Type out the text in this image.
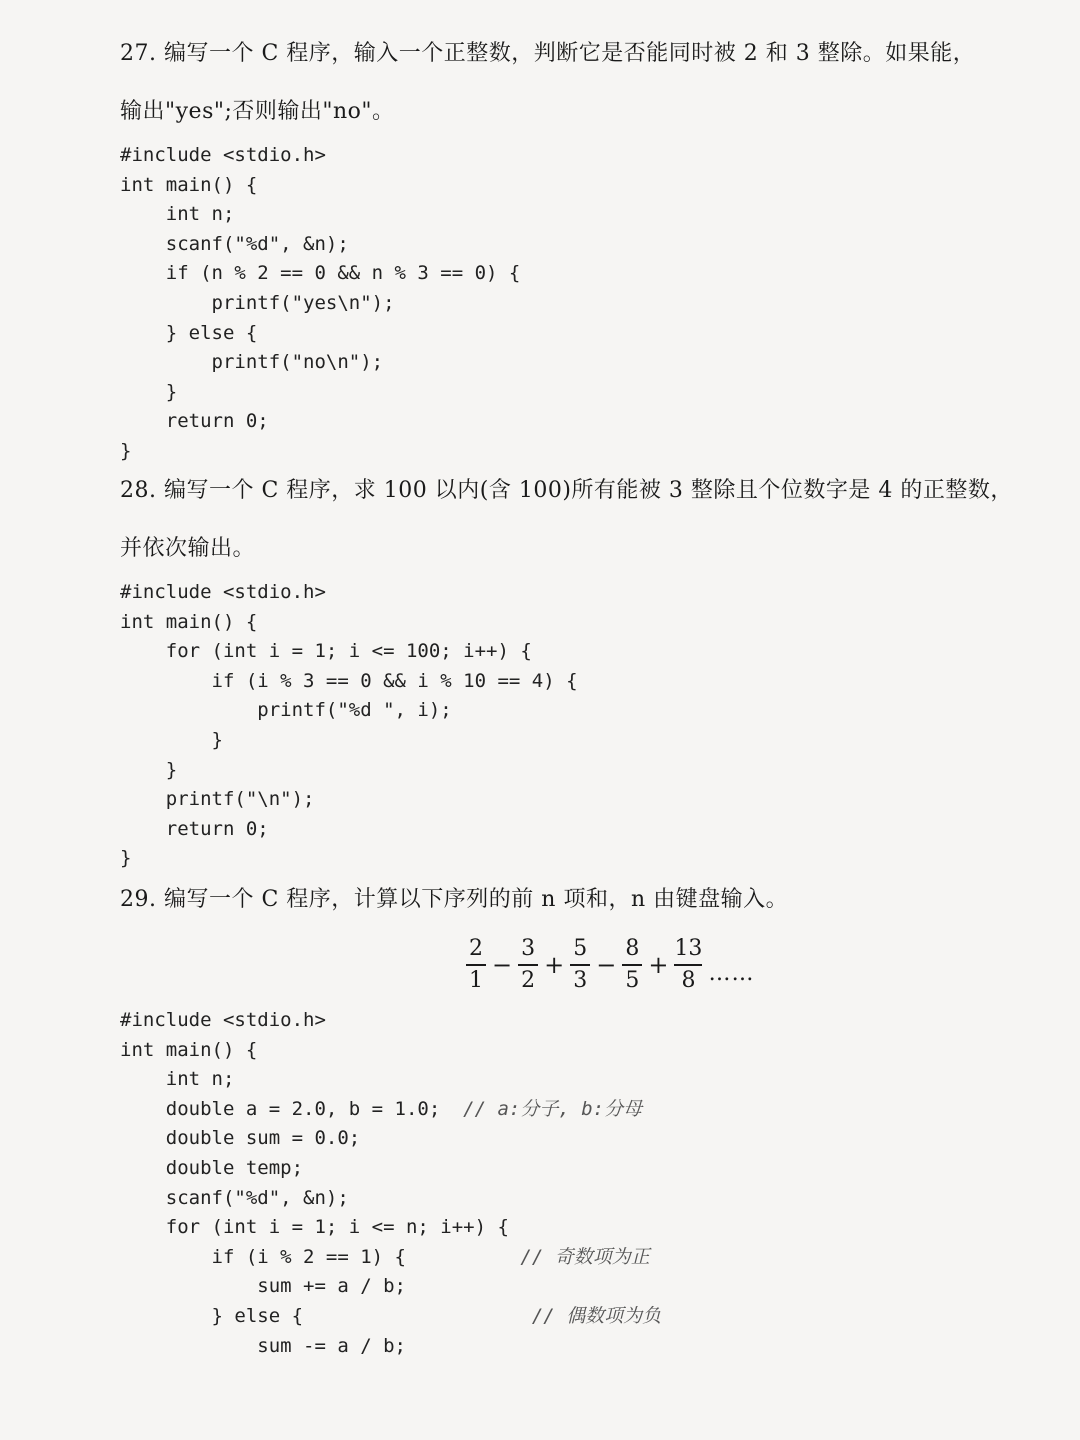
27. 编写一个 C 程序，输入一个正整数，判断它是否能同时被 2 和 3 整除。如果能，
输出"yes";否则输出"no"。
#include <stdio.h>
int main() {
int n;
scanf("%d", &n);
if (n % 2 == 0 && n % 3 == 0) {
printf("yes\n");
} else {
printf("no\n");
}
return 0;
}
28. 编写一个 C 程序，求 100 以内(含 100)所有能被 3 整除且个位数字是 4 的正整数，
并依次输出。
#include <stdio.h>
int main() {
for (int i = 1; i <= 100; i++) {
if (i % 3 == 0 && i % 10 == 4) {
printf("%d ", i);
}
}
printf("\n");
return 0;
}
29. 编写一个 C 程序，计算以下序列的前 n 项和，n 由键盘输入。
$\frac{2}{1} - \frac{3}{2} + \frac{5}{3} - \frac{8}{5} + \frac{13}{8}$ ……
#include <stdio.h>
int main() {
int n;
double a = 2.0, b = 1.0;  // a:分子, b:分母
double sum = 0.0;
double temp;
scanf("%d", &n);
for (int i = 1; i <= n; i++) {
if (i % 2 == 1) {          // 奇数项为正
sum += a / b;
} else {                    // 偶数项为负
sum -= a / b;
